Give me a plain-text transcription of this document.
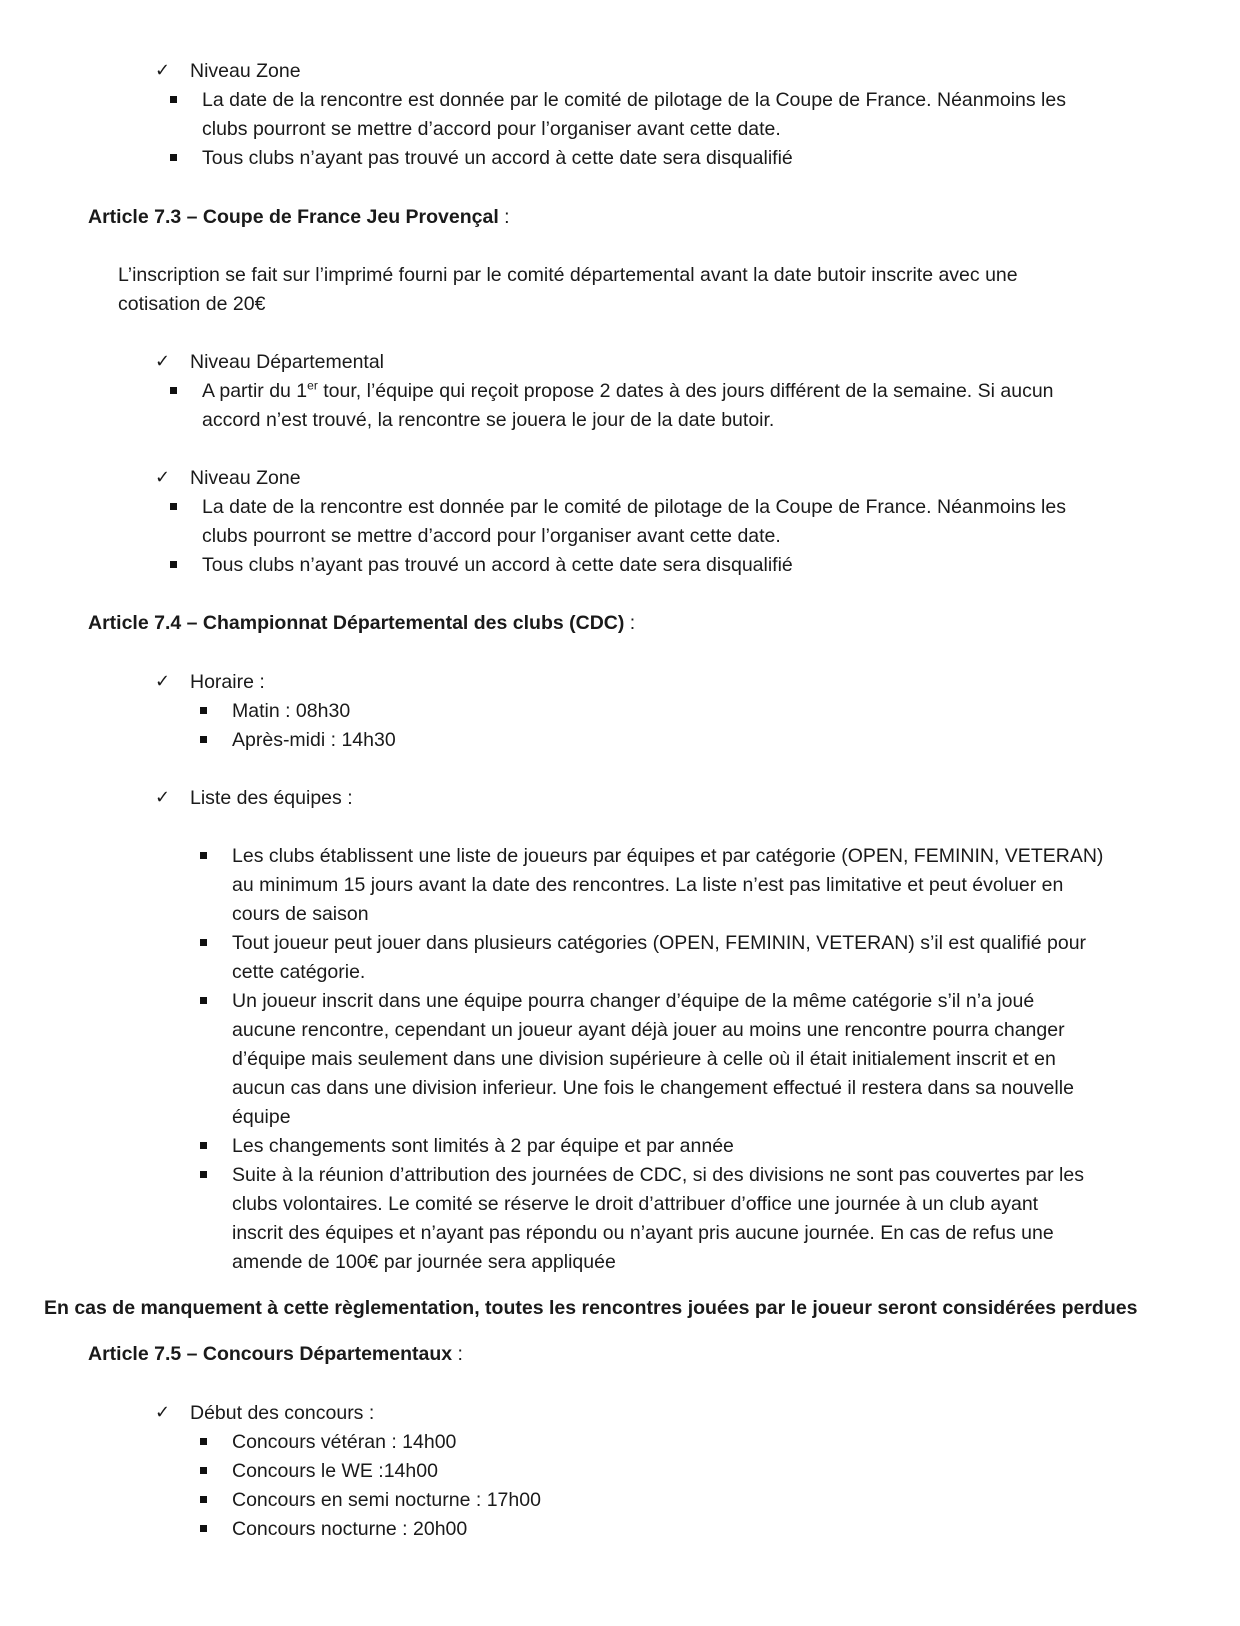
✓ Niveau Zone
La date de la rencontre est donnée par le comité de pilotage de la Coupe de France. Néanmoins les
clubs pourront se mettre d’accord pour l’organiser avant cette date.
Tous clubs n’ayant pas trouvé un accord à cette date sera disqualifié
Article 7.3 – Coupe de France Jeu Provençal :
L’inscription se fait sur l’imprimé fourni par le comité départemental avant la date butoir inscrite avec une
cotisation de 20€
✓ Niveau Départemental
A partir du 1er tour, l’équipe qui reçoit propose 2 dates à des jours différent de la semaine. Si aucun
accord n’est trouvé, la rencontre se jouera le jour de la date butoir.
✓ Niveau Zone
La date de la rencontre est donnée par le comité de pilotage de la Coupe de France. Néanmoins les
clubs pourront se mettre d’accord pour l’organiser avant cette date.
Tous clubs n’ayant pas trouvé un accord à cette date sera disqualifié
Article 7.4 – Championnat Départemental des clubs (CDC) :
✓ Horaire :
Matin : 08h30
Après-midi : 14h30
✓ Liste des équipes :
Les clubs établissent une liste de joueurs par équipes et par catégorie (OPEN, FEMININ, VETERAN)
au minimum 15 jours avant la date des rencontres. La liste n’est pas limitative et peut évoluer en
cours de saison
Tout joueur peut jouer dans plusieurs catégories (OPEN, FEMININ, VETERAN) s’il est qualifié pour
cette catégorie.
Un joueur inscrit dans une équipe pourra changer d’équipe de la même catégorie s’il n’a joué
aucune rencontre, cependant un joueur ayant déjà jouer au moins une rencontre pourra changer
d’équipe mais seulement dans une division supérieure à celle où il était initialement inscrit et en
aucun cas dans une division inferieur. Une fois le changement effectué il restera dans sa nouvelle
équipe
Les changements sont limités à 2 par équipe et par année
Suite à la réunion d’attribution des journées de CDC, si des divisions ne sont pas couvertes par les
clubs volontaires. Le comité se réserve le droit d’attribuer d’office une journée à un club ayant
inscrit des équipes et n’ayant pas répondu ou n’ayant pris aucune journée. En cas de refus une
amende de 100€ par journée sera appliquée
En cas de manquement à cette règlementation, toutes les rencontres jouées par le joueur seront considérées perdues
Article 7.5 – Concours Départementaux :
✓ Début des concours :
Concours vétéran : 14h00
Concours le WE :14h00
Concours en semi nocturne : 17h00
Concours nocturne : 20h00
